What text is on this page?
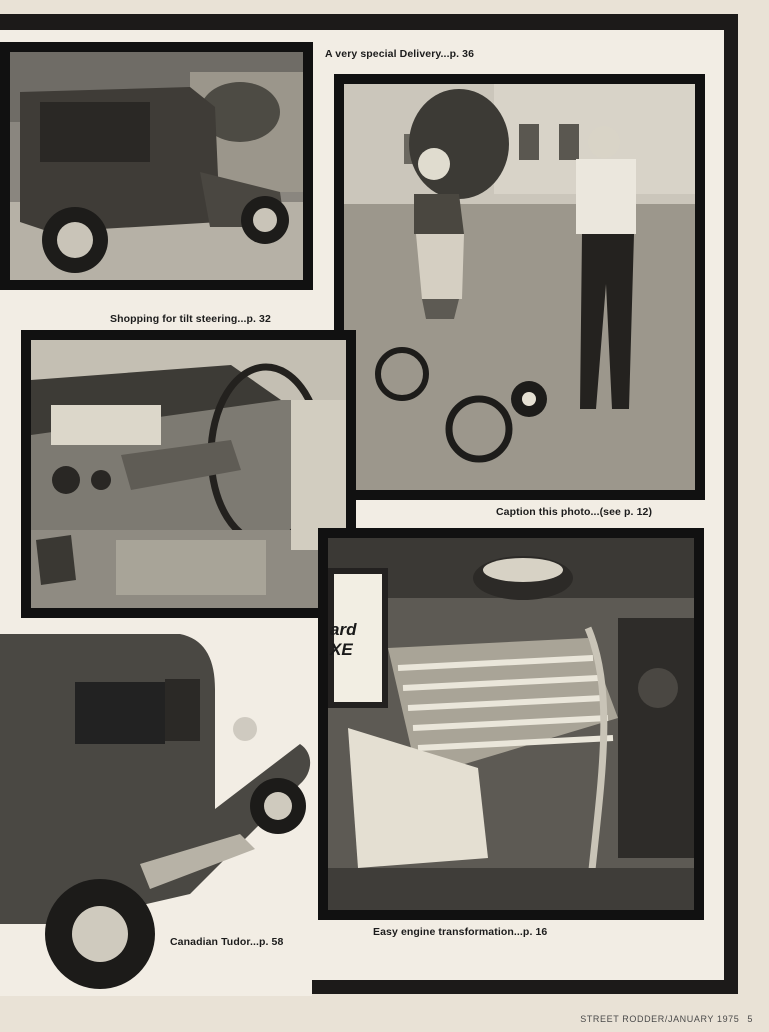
A very special Delivery...p. 36
Caption this photo...(see p. 12)
Shopping for tilt steering...p. 32
ard
XE
Easy engine transformation...p. 16
Canadian Tudor...p. 58
STREET RODDER/JANUARY 1975 5
